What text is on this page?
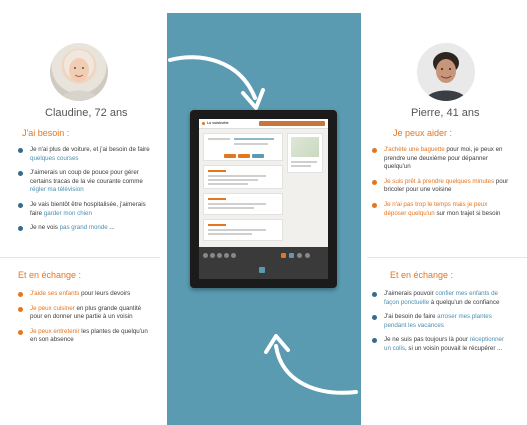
Claudine, 72 ans
J'ai besoin :
Je n'ai plus de voiture, et j'ai besoin de faire quelques courses
J'aimerais un coup de pouce pour gérer certains tracas de la vie courante comme régler ma télévision
Je vais bientôt être hospitalisée, j'aimerais faire garder mon chien
Je ne vois pas grand monde ...
Et en échange :
J'aide ses enfants pour leurs devoirs
Je peux cuisiner en plus grande quantité pour en donner une partie à un voisin
Je peux entretenir les plantes de quelqu'un en son absence
Pierre, 41 ans
Je peux aider :
J'achète une baguette pour moi, je peux en prendre une deuxième pour dépanner quelqu'un
Je suis prêt à prendre quelques minutes pour bricoler pour une voisine
Je n'ai pas trop le temps mais je peux déposer quelqu'un sur mon trajet si besoin
Et en échange :
J'aimerais pouvoir confier mes enfants de façon ponctuelle à quelqu'un de confiance
J'ai besoin de faire arroser mes plantes pendant les vacances
Je ne suis pas toujours là pour réceptionner un colis, si un voisin pouvait le récupérer ...
Lu voisinette
